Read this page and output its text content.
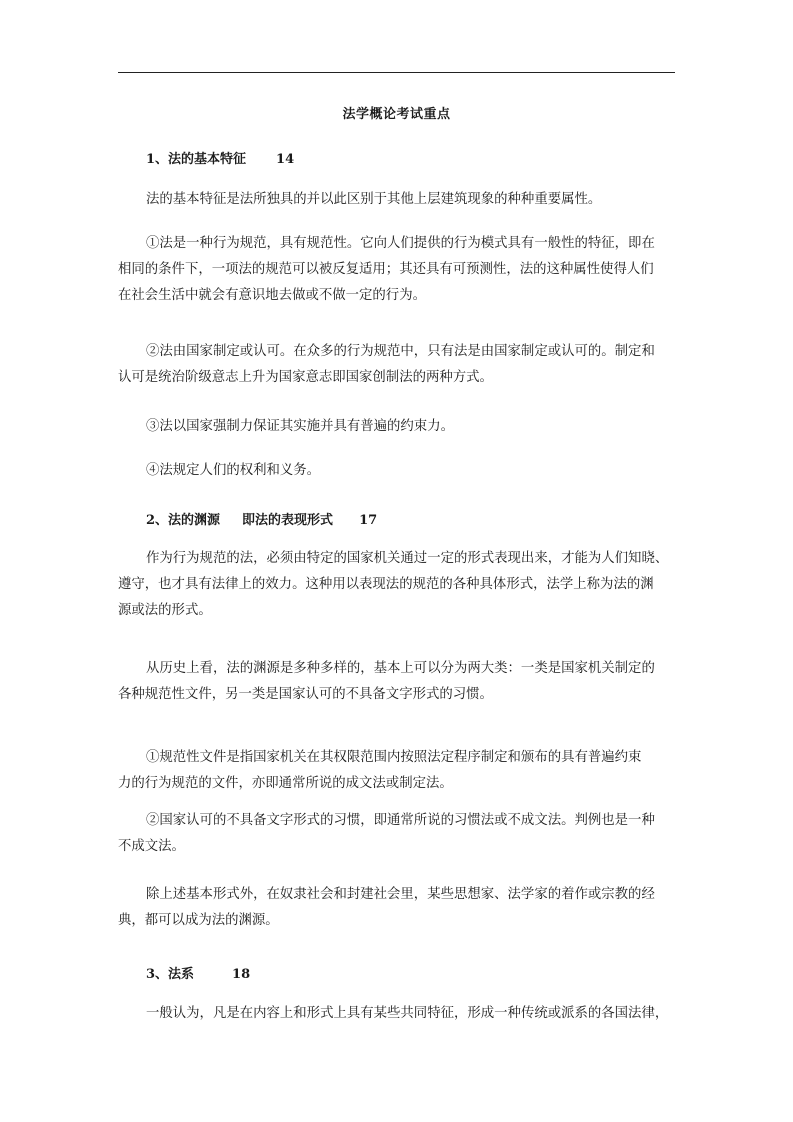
法学概论考试重点
1、法的基本特征 14
法的基本特征是法所独具的并以此区别于其他上层建筑现象的种种重要属性。
①法是一种行为规范，具有规范性。它向人们提供的行为模式具有一般性的特征，即在
相同的条件下，一项法的规范可以被反复适用；其还具有可预测性，法的这种属性使得人们
在社会生活中就会有意识地去做或不做一定的行为。
②法由国家制定或认可。在众多的行为规范中，只有法是由国家制定或认可的。制定和
认可是统治阶级意志上升为国家意志即国家创制法的两种方式。
③法以国家强制力保证其实施并具有普遍的约束力。
④法规定人们的权利和义务。
2、法的渊源 即法的表现形式 17
作为行为规范的法，必须由特定的国家机关通过一定的形式表现出来，才能为人们知晓、
遵守，也才具有法律上的效力。这种用以表现法的规范的各种具体形式，法学上称为法的渊
源或法的形式。
从历史上看，法的渊源是多种多样的，基本上可以分为两大类：一类是国家机关制定的
各种规范性文件，另一类是国家认可的不具备文字形式的习惯。
①规范性文件是指国家机关在其权限范围内按照法定程序制定和颁布的具有普遍约束
力的行为规范的文件，亦即通常所说的成文法或制定法。
②国家认可的不具备文字形式的习惯，即通常所说的习惯法或不成文法。判例也是一种
不成文法。
除上述基本形式外，在奴隶社会和封建社会里，某些思想家、法学家的着作或宗教的经
典，都可以成为法的渊源。
3、法系	18
一般认为，凡是在内容上和形式上具有某些共同特征，形成一种传统或派系的各国法律，
